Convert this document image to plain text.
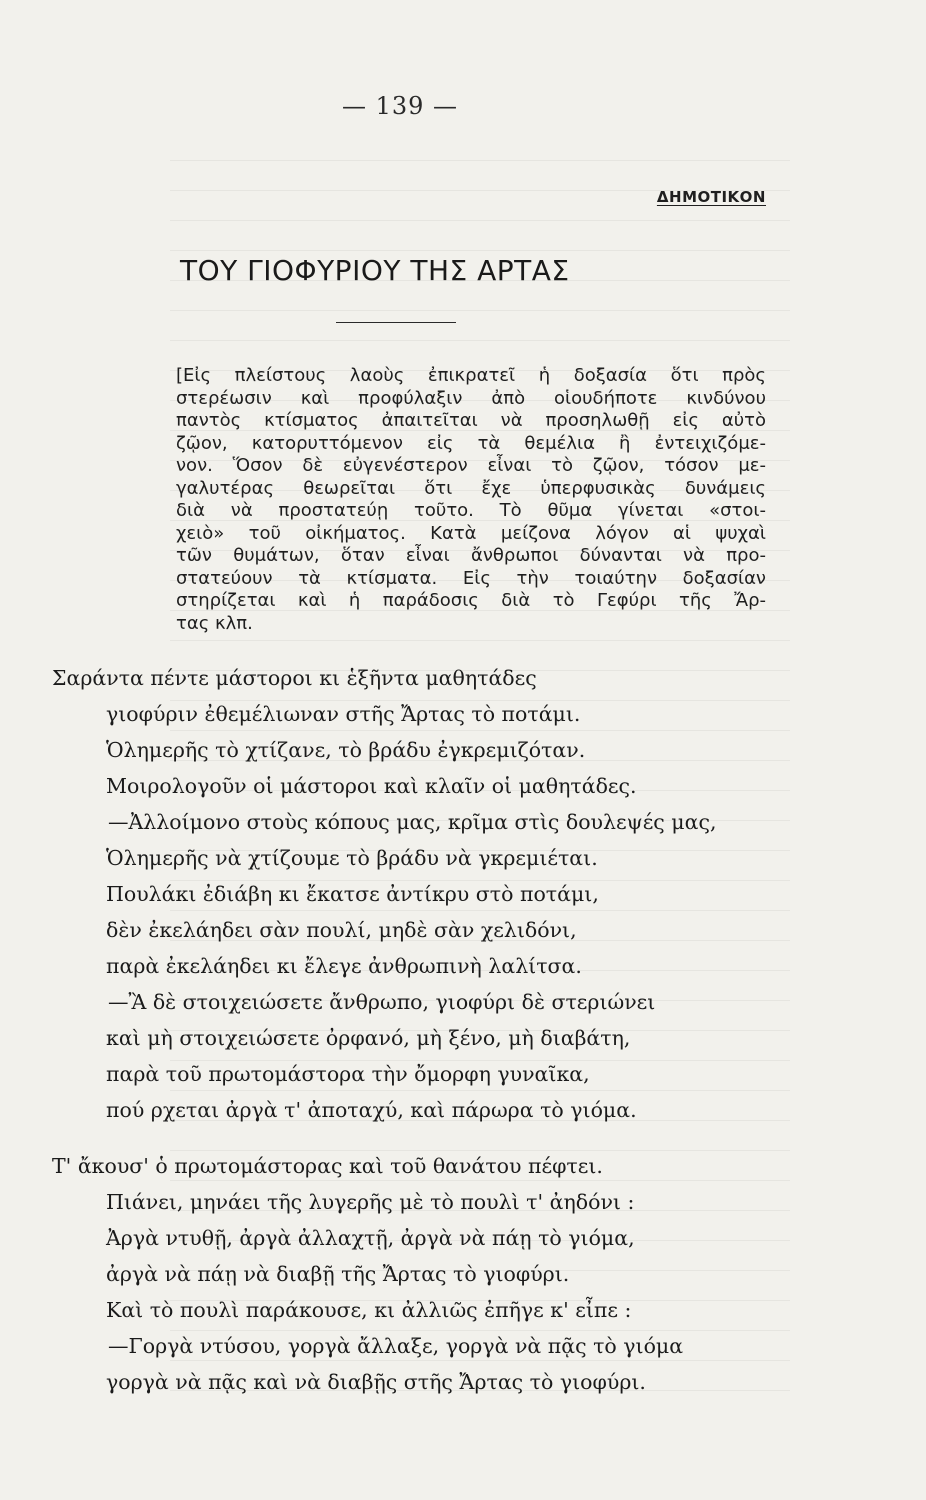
— 139 —
ΔΗΜΟΤΙΚΟΝ
ΤΟΥ ΓΙΟΦΥΡΙΟΥ ΤΗΣ ΑΡΤΑΣ
[Εἰς πλείστους λαοὺς ἐπικρατεῖ ἡ δοξασία ὅτι πρὸς
στερέωσιν καὶ προφύλαξιν ἀπὸ οἱουδήποτε κινδύνου
παντὸς κτίσματος ἀπαιτεῖται νὰ προσηλωθῇ εἰς αὐτὸ
ζῷον, κατορυττόμενον εἰς τὰ θεμέλια ἢ ἐντειχιζόμε-
νον. Ὅσον δὲ εὐγενέστερον εἶναι τὸ ζῷον, τόσον με-
γαλυτέρας θεωρεῖται ὅτι ἔχε ὑπερφυσικὰς δυνάμεις
διὰ νὰ προστατεύῃ τοῦτο. Τὸ θῦμα γίνεται «στοι-
χειὸ» τοῦ οἰκήματος. Κατὰ μείζονα λόγον αἱ ψυχαὶ
τῶν θυμάτων, ὅταν εἶναι ἄνθρωποι δύνανται νὰ προ-
στατεύουν τὰ κτίσματα. Εἰς τὴν τοιαύτην δοξασίαν
στηρίζεται καὶ ἡ παράδοσις διὰ τὸ Γεφύρι τῆς Ἄρ-
τας κλπ.
Σαράντα πέντε μάστοροι κι ἑξῆντα μαθητάδες
γιοφύριν ἐθεμέλιωναν στῆς Ἄρτας τὸ ποτάμι.
Ὁλημερῆς τὸ χτίζανε, τὸ βράδυ ἐγκρεμιζόταν.
Μοιρολογοῦν οἱ μάστοροι καὶ κλαῖν οἱ μαθητάδες.
—Ἀλλοίμονο στοὺς κόπους μας, κρῖμα στὶς δουλεψές μας,
Ὁλημερῆς νὰ χτίζουμε τὸ βράδυ νὰ γκρεμιέται.
Πουλάκι ἐδιάβη κι ἔκατσε ἀντίκρυ στὸ ποτάμι,
δὲν ἐκελάηδει σὰν πουλί, μηδὲ σὰν χελιδόνι,
παρὰ ἐκελάηδει κι ἔλεγε ἀνθρωπινὴ λαλίτσα.
—Ἂ δὲ στοιχειώσετε ἄνθρωπο, γιοφύρι δὲ στεριώνει
καὶ μὴ στοιχειώσετε ὀρφανό, μὴ ξένο, μὴ διαβάτη,
παρὰ τοῦ πρωτομάστορα τὴν ὄμορφη γυναῖκα,
πού ρχεται ἀργὰ τ' ἀποταχύ, καὶ πάρωρα τὸ γιόμα.
Τ' ἄκουσ' ὁ πρωτομάστορας καὶ τοῦ θανάτου πέφτει.
Πιάνει, μηνάει τῆς λυγερῆς μὲ τὸ πουλὶ τ' ἀηδόνι :
Ἀργὰ ντυθῇ, ἀργὰ ἀλλαχτῇ, ἀργὰ νὰ πάῃ τὸ γιόμα,
ἀργὰ νὰ πάῃ νὰ διαβῇ τῆς Ἄρτας τὸ γιοφύρι.
Καὶ τὸ πουλὶ παράκουσε, κι ἀλλιῶς ἐπῆγε κ' εἶπε :
—Γοργὰ ντύσου, γοργὰ ἄλλαξε, γοργὰ νὰ πᾷς τὸ γιόμα
γοργὰ νὰ πᾷς καὶ νὰ διαβῇς στῆς Ἄρτας τὸ γιοφύρι.
